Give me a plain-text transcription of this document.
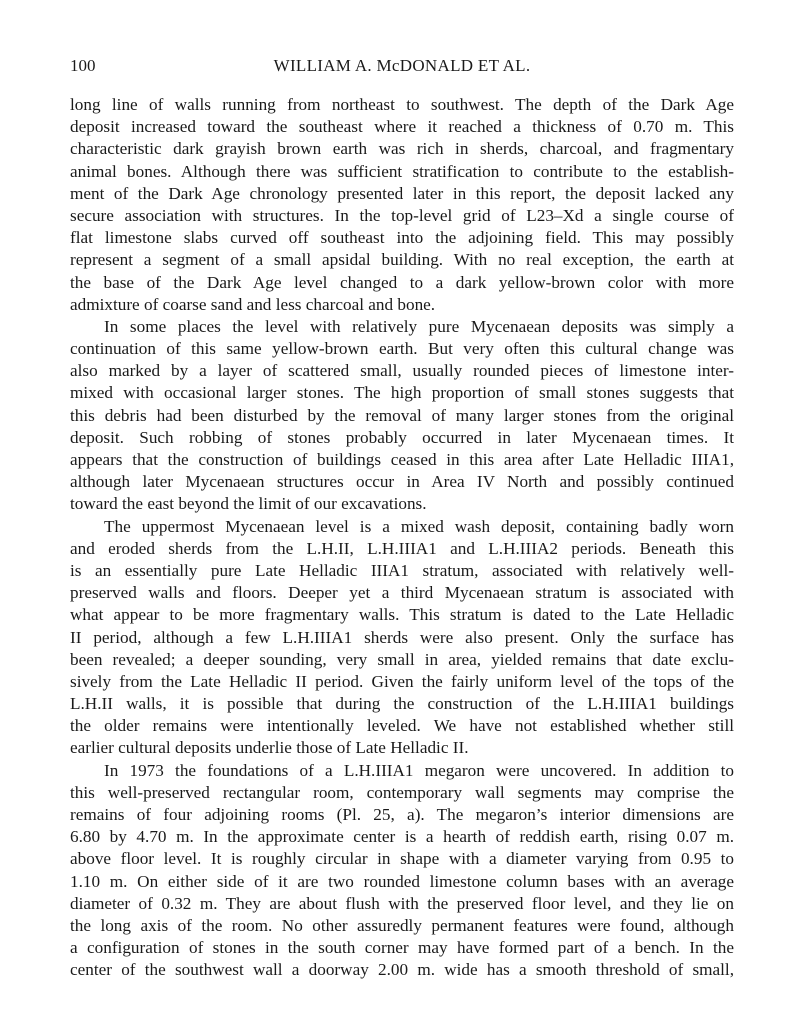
100	WILLIAM A. McDONALD ET AL.
long line of walls running from northeast to southwest. The depth of the Dark Age
deposit increased toward the southeast where it reached a thickness of 0.70 m. This
characteristic dark grayish brown earth was rich in sherds, charcoal, and fragmentary
animal bones. Although there was sufficient stratification to contribute to the establish-
ment of the Dark Age chronology presented later in this report, the deposit lacked any
secure association with structures. In the top-level grid of L23–Xd a single course of
flat limestone slabs curved off southeast into the adjoining field. This may possibly
represent a segment of a small apsidal building. With no real exception, the earth at
the base of the Dark Age level changed to a dark yellow-brown color with more
admixture of coarse sand and less charcoal and bone.
In some places the level with relatively pure Mycenaean deposits was simply a
continuation of this same yellow-brown earth. But very often this cultural change was
also marked by a layer of scattered small, usually rounded pieces of limestone inter-
mixed with occasional larger stones. The high proportion of small stones suggests that
this debris had been disturbed by the removal of many larger stones from the original
deposit. Such robbing of stones probably occurred in later Mycenaean times. It
appears that the construction of buildings ceased in this area after Late Helladic IIIA1,
although later Mycenaean structures occur in Area IV North and possibly continued
toward the east beyond the limit of our excavations.
The uppermost Mycenaean level is a mixed wash deposit, containing badly worn
and eroded sherds from the L.H.II, L.H.IIIA1 and L.H.IIIA2 periods. Beneath this
is an essentially pure Late Helladic IIIA1 stratum, associated with relatively well-
preserved walls and floors. Deeper yet a third Mycenaean stratum is associated with
what appear to be more fragmentary walls. This stratum is dated to the Late Helladic
II period, although a few L.H.IIIA1 sherds were also present. Only the surface has
been revealed; a deeper sounding, very small in area, yielded remains that date exclu-
sively from the Late Helladic II period. Given the fairly uniform level of the tops of the
L.H.II walls, it is possible that during the construction of the L.H.IIIA1 buildings
the older remains were intentionally leveled. We have not established whether still
earlier cultural deposits underlie those of Late Helladic II.
In 1973 the foundations of a L.H.IIIA1 megaron were uncovered. In addition to
this well-preserved rectangular room, contemporary wall segments may comprise the
remains of four adjoining rooms (Pl. 25, a). The megaron’s interior dimensions are
6.80 by 4.70 m. In the approximate center is a hearth of reddish earth, rising 0.07 m.
above floor level. It is roughly circular in shape with a diameter varying from 0.95 to
1.10 m. On either side of it are two rounded limestone column bases with an average
diameter of 0.32 m. They are about flush with the preserved floor level, and they lie on
the long axis of the room. No other assuredly permanent features were found, although
a configuration of stones in the south corner may have formed part of a bench. In the
center of the southwest wall a doorway 2.00 m. wide has a smooth threshold of small,
